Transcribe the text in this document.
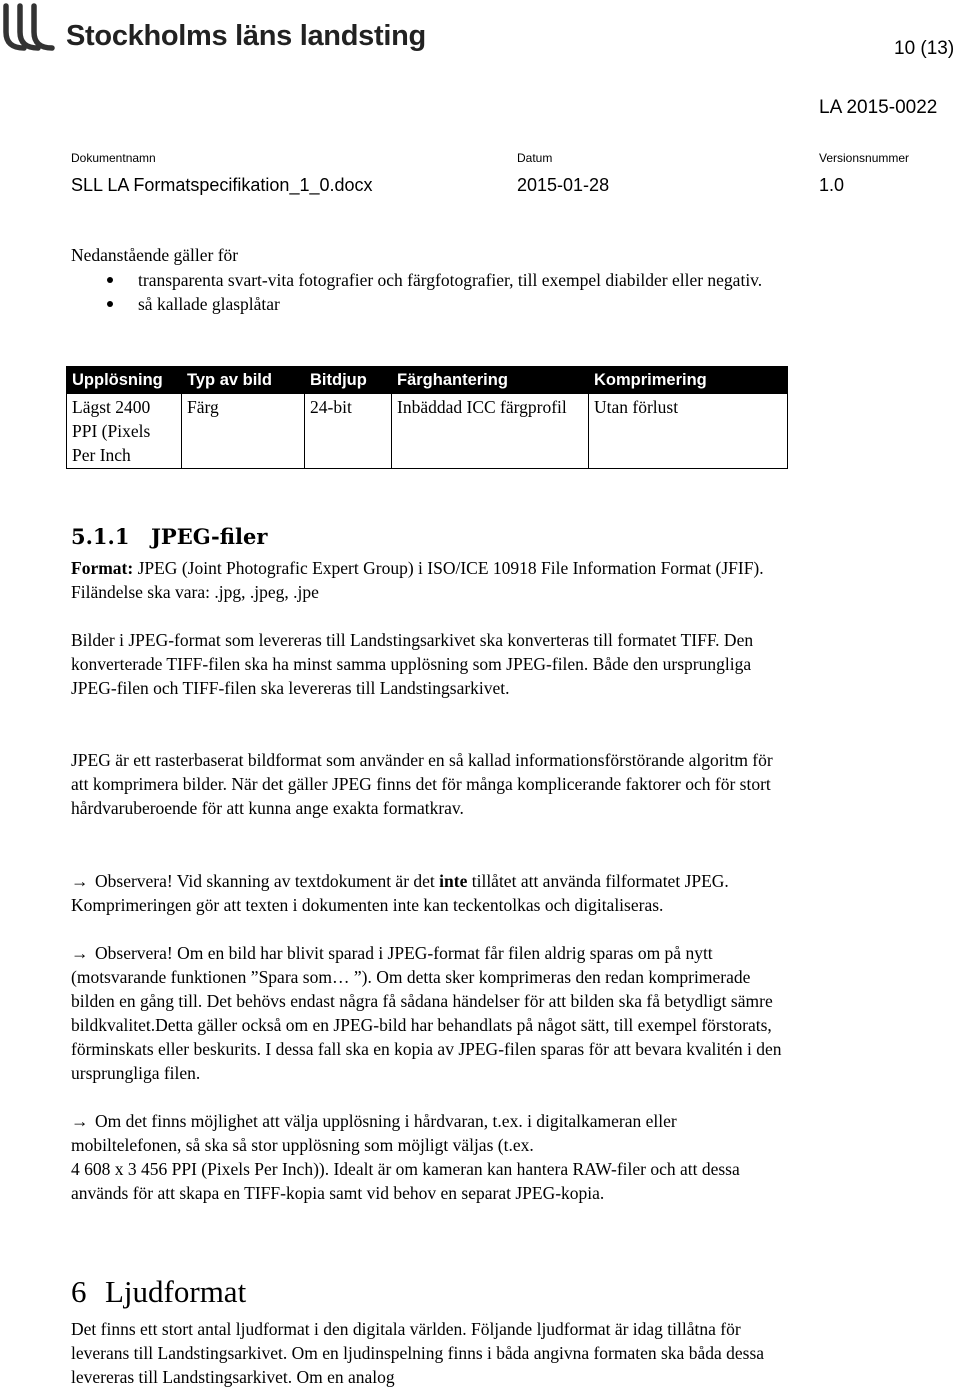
Stockholms läns landsting	10 (13)
LA 2015-0022
Dokumentnamn	Datum	Versionsnummer
SLL LA Formatspecifikation_1_0.docx	2015-01-28	1.0
Nedanstående gäller för
transparenta svart-vita fotografier och färgfotografier, till exempel diabilder eller negativ.
så kallade glasplåtar
Upplösning	Typ av bild	Bitdjup	Färghantering	Komprimering
Lägst 2400 PPI (Pixels Per Inch	Färg	24-bit	Inbäddad ICC färgprofil	Utan förlust
5.1.1 JPEG-filer
Format: JPEG (Joint Photografic Expert Group) i ISO/ICE 10918 File Information Format (JFIF). Filändelse ska vara: .jpg, .jpeg, .jpe
Bilder i JPEG-format som levereras till Landstingsarkivet ska konverteras till formatet TIFF. Den konverterade TIFF-filen ska ha minst samma upplösning som JPEG-filen. Både den ursprungliga JPEG-filen och TIFF-filen ska levereras till Landstingsarkivet.
JPEG är ett rasterbaserat bildformat som använder en så kallad informationsförstörande algoritm för att komprimera bilder. När det gäller JPEG finns det för många komplicerande faktorer och för stort hårdvaruberoende för att kunna ange exakta formatkrav.
→ Observera! Vid skanning av textdokument är det inte tillåtet att använda filformatet JPEG. Komprimeringen gör att texten i dokumenten inte kan teckentolkas och digitaliseras.
→ Observera! Om en bild har blivit sparad i JPEG-format får filen aldrig sparas om på nytt (motsvarande funktionen ”Spara som… ”). Om detta sker komprimeras den redan komprimerade bilden en gång till. Det behövs endast några få sådana händelser för att bilden ska få betydligt sämre bildkvalitet.Detta gäller också om en JPEG-bild har behandlats på något sätt, till exempel förstorats, förminskats eller beskurits. I dessa fall ska en kopia av JPEG-filen sparas för att bevara kvalitén i den ursprungliga filen.
→ Om det finns möjlighet att välja upplösning i hårdvaran, t.ex. i digitalkameran eller mobiltelefonen, så ska så stor upplösning som möjligt väljas (t.ex.
4 608 x 3 456 PPI (Pixels Per Inch)). Idealt är om kameran kan hantera RAW-filer och att dessa används för att skapa en TIFF-kopia samt vid behov en separat JPEG-kopia.
6 Ljudformat
Det finns ett stort antal ljudformat i den digitala världen. Följande ljudformat är idag tillåtna för leverans till Landstingsarkivet. Om en ljudinspelning finns i båda angivna formaten ska båda dessa levereras till Landstingsarkivet. Om en analog
